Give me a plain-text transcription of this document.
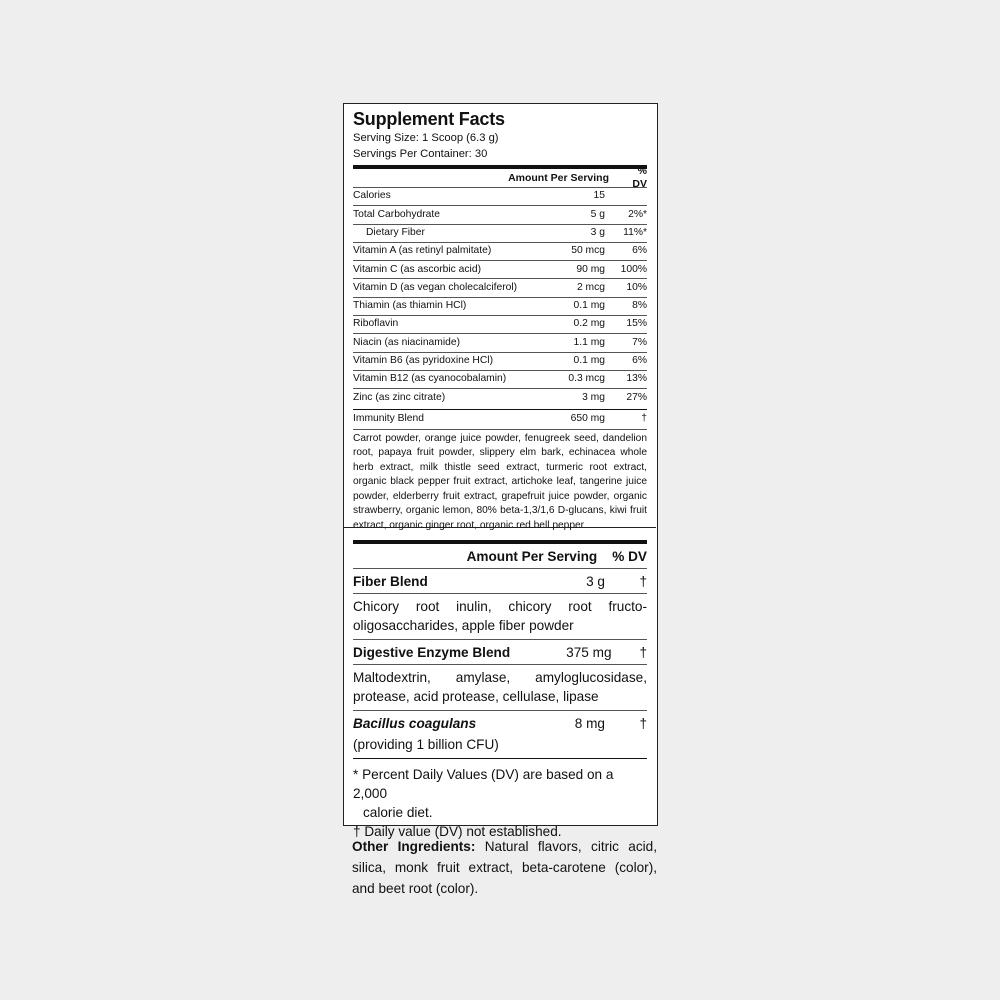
Supplement Facts
Serving Size: 1 Scoop (6.3 g)
Servings Per Container: 30
Amount Per Serving
% DV
Calories	15
Total Carbohydrate	5 g	2%*
Dietary Fiber	3 g	11%*
Vitamin A (as retinyl palmitate)	50 mcg	6%
Vitamin C (as ascorbic acid)	90 mg	100%
Vitamin D (as vegan cholecalciferol)	2 mcg	10%
Thiamin (as thiamin HCl)	0.1 mg	8%
Riboflavin	0.2 mg	15%
Niacin (as niacinamide)	1.1 mg	7%
Vitamin B6 (as pyridoxine HCl)	0.1 mg	6%
Vitamin B12 (as cyanocobalamin)	0.3 mcg	13%
Zinc (as zinc citrate)	3 mg	27%
Immunity Blend	650 mg	†
Carrot powder, orange juice powder, fenugreek seed, dandelion root, papaya fruit powder, slippery elm bark, echinacea whole herb extract, milk thistle seed extract, turmeric root extract, organic black pepper fruit extract, artichoke leaf, tangerine juice powder, elderberry fruit extract, grapefruit juice powder, organic strawberry, organic lemon, 80% beta-1,3/1,6 D-glucans, kiwi fruit extract, organic ginger root, organic red bell pepper
Amount Per Serving % DV
Fiber Blend	3 g	†
Chicory root inulin, chicory root fructo-oligosaccharides, apple fiber powder
Digestive Enzyme Blend	375 mg	†
Maltodextrin, amylase, amyloglucosidase, protease, acid protease, cellulase, lipase
Bacillus coagulans	8 mg	†
(providing 1 billion CFU)
* Percent Daily Values (DV) are based on a 2,000
calorie diet.
† Daily value (DV) not established.
Other Ingredients: Natural flavors, citric acid, silica, monk fruit extract, beta-carotene (color), and beet root (color).
